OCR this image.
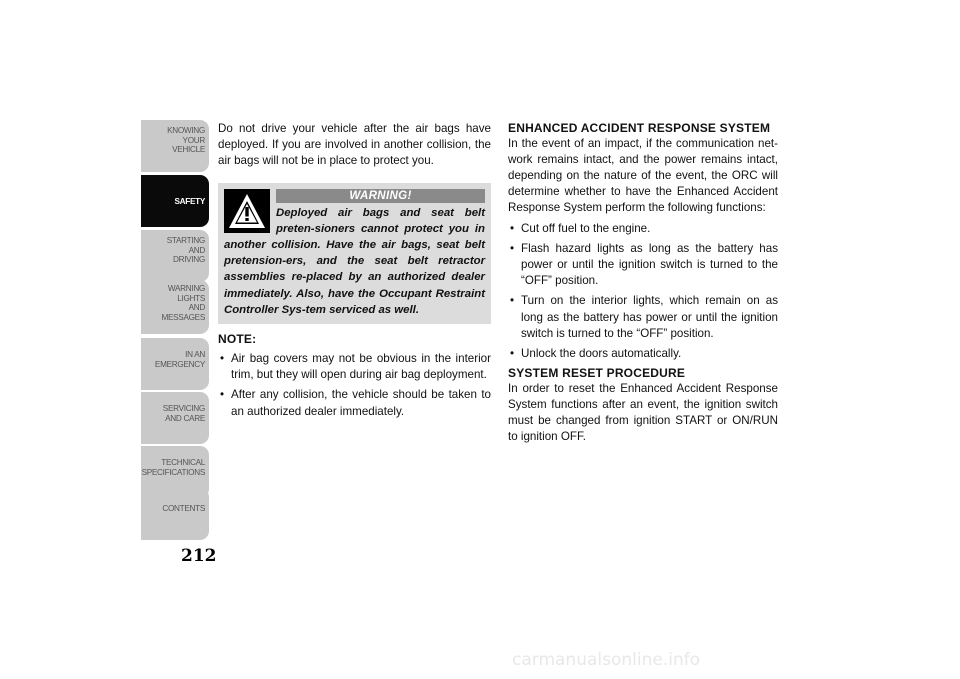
KNOWING
YOUR
VEHICLE
SAFETY
STARTING
AND
DRIVING
WARNING
LIGHTS
AND
MESSAGES
IN AN
EMERGENCY
SERVICING
AND CARE
TECHNICAL
SPECIFICATIONS
CONTENTS
212

Do not drive your vehicle after the air bags have deployed. If you are involved in another collision, the air bags will not be in place to protect you.

WARNING!
Deployed air bags and seat belt preten-sioners cannot protect you in another collision. Have the air bags, seat belt pretension-ers, and the seat belt retractor assemblies re-placed by an authorized dealer immediately. Also, have the Occupant Restraint Controller Sys-tem serviced as well.
NOTE:
• Air bag covers may not be obvious in the interior trim, but they will open during air bag deployment.
• After any collision, the vehicle should be taken to an authorized dealer immediately.
ENHANCED ACCIDENT RESPONSE SYSTEM

In the event of an impact, if the communication net-work remains intact, and the power remains intact, depending on the nature of the event, the ORC will determine whether to have the Enhanced Accident Response System perform the following functions:

• Cut off fuel to the engine.
• Flash hazard lights as long as the battery has power or until the ignition switch is turned to the “OFF” position.
• Turn on the interior lights, which remain on as long as the battery has power or until the ignition switch is turned to the “OFF” position.
• Unlock the doors automatically.
SYSTEM RESET PROCEDURE

In order to reset the Enhanced Accident Response System functions after an event, the ignition switch must be changed from ignition START or ON/RUN to ignition OFF.

carmanualsonline.info
